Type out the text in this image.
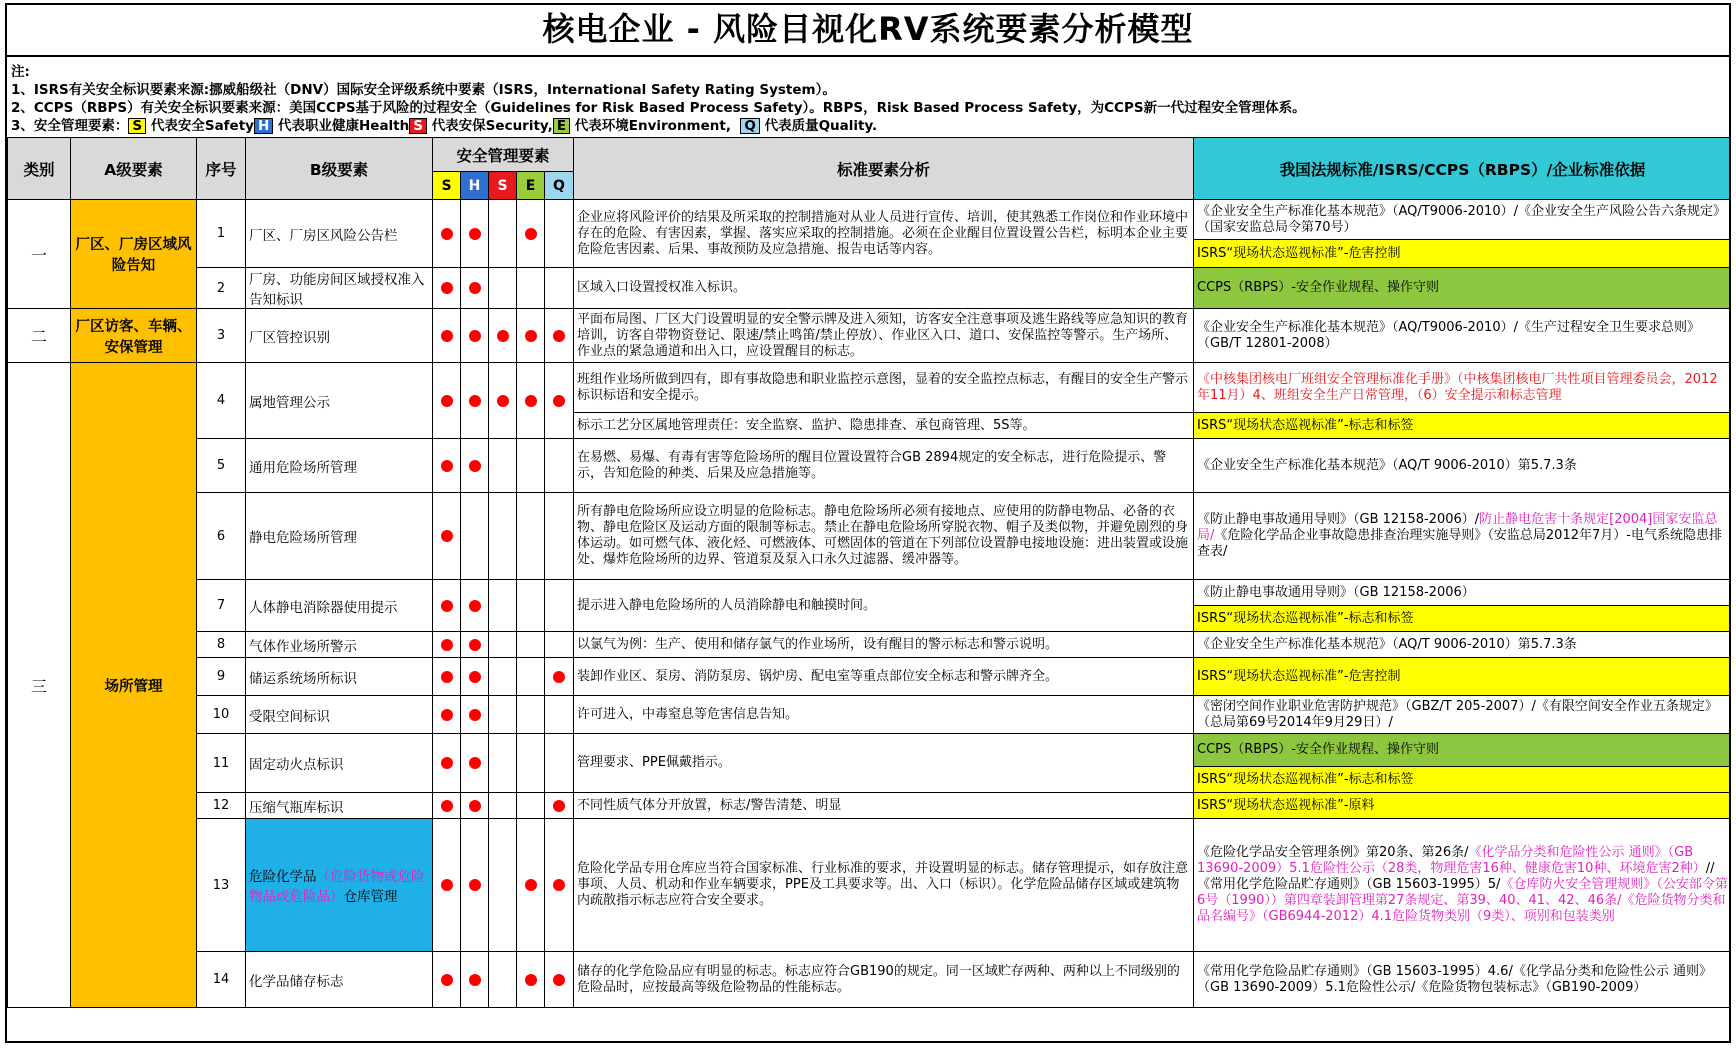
核电企业 - 风险目视化RV系统要素分析模型
注:
1、ISRS有关安全标识要素来源:挪威船级社（DNV）国际安全评级系统中要素（ISRS，International Safety Rating System）。
2、CCPS（RBPS）有关安全标识要素来源：美国CCPS基于风险的过程安全（Guidelines for Risk Based Process Safety）。RBPS，Risk Based Process Safety，为CCPS新一代过程安全管理体系。
3、安全管理要素： S 代表安全Safety H 代表职业健康Health S 代表安保Security, E 代表环境Environment, Q 代表质量Quality.
类别	A级要素	序号	B级要素	安全管理要素					标准要素分析	我国法规标准/ISRS/CCPS（RBPS）/企业标准依据
				S	H	S	E	Q		
一	厂区、厂房区域风险告知	1	厂区、厂房区风险公告栏						企业应将风险评价的结果及所采取的控制措施对从业人员进行宣传、培训，使其熟悉工作岗位和作业环境中存在的危险、有害因素，掌握、落实应采取的控制措施。必须在企业醒目位置设置公告栏，标明本企业主要危险危害因素、后果、事故预防及应急措施、报告电话等内容。	《企业安全生产标准化基本规范》（AQ/T9006-2010）/《企业安全生产风险公告六条规定》（国家安监总局令第70号）
										ISRS“现场状态巡视标准”-危害控制
		2	厂房、功能房间区域授权准入告知标识						区域入口设置授权准入标识。	CCPS（RBPS）-安全作业规程、操作守则
二	厂区访客、车辆、安保管理	3	厂区管控识别						平面布局图、厂区大门设置明显的安全警示牌及进入须知，访客安全注意事项及逃生路线等应急知识的教育培训，访客自带物资登记、限速/禁止鸣笛/禁止停放）、作业区入口、道口、安保监控等警示。生产场所、作业点的紧急通道和出入口，应设置醒目的标志。	《企业安全生产标准化基本规范》（AQ/T9006-2010）/《生产过程安全卫生要求总则》（GB/T 12801-2008）
三	场所管理	4	属地管理公示						班组作业场所做到四有，即有事故隐患和职业监控示意图，显着的安全监控点标志，有醒目的安全生产警示标识标语和安全提示。	《中核集团核电厂班组安全管理标准化手册》（中核集团核电厂共性项目管理委员会，2012年11月）4、班组安全生产日常管理，（6）安全提示和标志管理
									标示工艺分区属地管理责任：安全监察、监护、隐患排查、承包商管理、5S等。	ISRS“现场状态巡视标准”-标志和标签
		5	通用危险场所管理						在易燃、易爆、有毒有害等危险场所的醒目位置设置符合GB 2894规定的安全标志，进行危险提示、警示，告知危险的种类、后果及应急措施等。	《企业安全生产标准化基本规范》（AQ/T 9006-2010）第5.7.3条
		6	静电危险场所管理						所有静电危险场所应设立明显的危险标志。静电危险场所必须有接地点、应使用的防静电物品、必备的衣物、静电危险区及运动方面的限制等标志。禁止在静电危险场所穿脱衣物、帽子及类似物，并避免剧烈的身体运动。如可燃气体、液化烃、可燃液体、可燃固体的管道在下列部位设置静电接地设施：进出装置或设施处、爆炸危险场所的边界、管道泵及泵入口永久过滤器、缓冲器等。	《防止静电事故通用导则》（GB 12158-2006）/防止静电危害十条规定[2004]国家安监总局/《危险化学品企业事故隐患排查治理实施导则》（安监总局2012年7月）-电气系统隐患排查表/
		7	人体静电消除器使用提示						提示进入静电危险场所的人员消除静电和触摸时间。	《防止静电事故通用导则》（GB 12158-2006）
										ISRS“现场状态巡视标准”-标志和标签
		8	气体作业场所警示						以氯气为例：生产、使用和储存氯气的作业场所，设有醒目的警示标志和警示说明。	《企业安全生产标准化基本规范》（AQ/T 9006-2010）第5.7.3条
		9	储运系统场所标识						装卸作业区、泵房、消防泵房、锅炉房、配电室等重点部位安全标志和警示牌齐全。	ISRS“现场状态巡视标准”-危害控制
		10	受限空间标识						许可进入，中毒窒息等危害信息告知。	《密闭空间作业职业危害防护规范》（GBZ/T 205-2007）/《有限空间安全作业五条规定》（总局第69号2014年9月29日）/
		11	固定动火点标识						管理要求、PPE佩戴指示。	CCPS（RBPS）-安全作业规程、操作守则
										ISRS“现场状态巡视标准”-标志和标签
		12	压缩气瓶库标识						不同性质气体分开放置，标志/警告清楚、明显	ISRS“现场状态巡视标准”-原料
		13	危险化学品（危险货物或危险物品或危险品）仓库管理						危险化学品专用仓库应当符合国家标准、行业标准的要求，并设置明显的标志。储存管理提示，如存放注意事项、人员、机动和作业车辆要求，PPE及工具要求等。出、入口（标识）。化学危险品储存区域或建筑物内疏散指示标志应符合安全要求。	《危险化学品安全管理条例》第20条、第26条/《化学品分类和危险性公示 通则》（GB 13690-2009）5.1危险性公示（28类，物理危害16种、健康危害10种、环境危害2种）//《常用化学危险品贮存通则》（GB 15603-1995）5/《仓库防火安全管理规则》（公安部令第6号（1990））第四章装卸管理第27条规定、第39、40、41、42、46条/《危险货物分类和品名编号》（GB6944-2012）4.1危险货物类别（9类）、项别和包装类别
		14	化学品储存标志						储存的化学危险品应有明显的标志。标志应符合GB190的规定。同一区域贮存两种、两种以上不同级别的危险品时，应按最高等级危险物品的性能标志。	《常用化学危险品贮存通则》（GB 15603-1995）4.6/《化学品分类和危险性公示 通则》（GB 13690-2009）5.1危险性公示/《危险货物包装标志》（GB190-2009）
